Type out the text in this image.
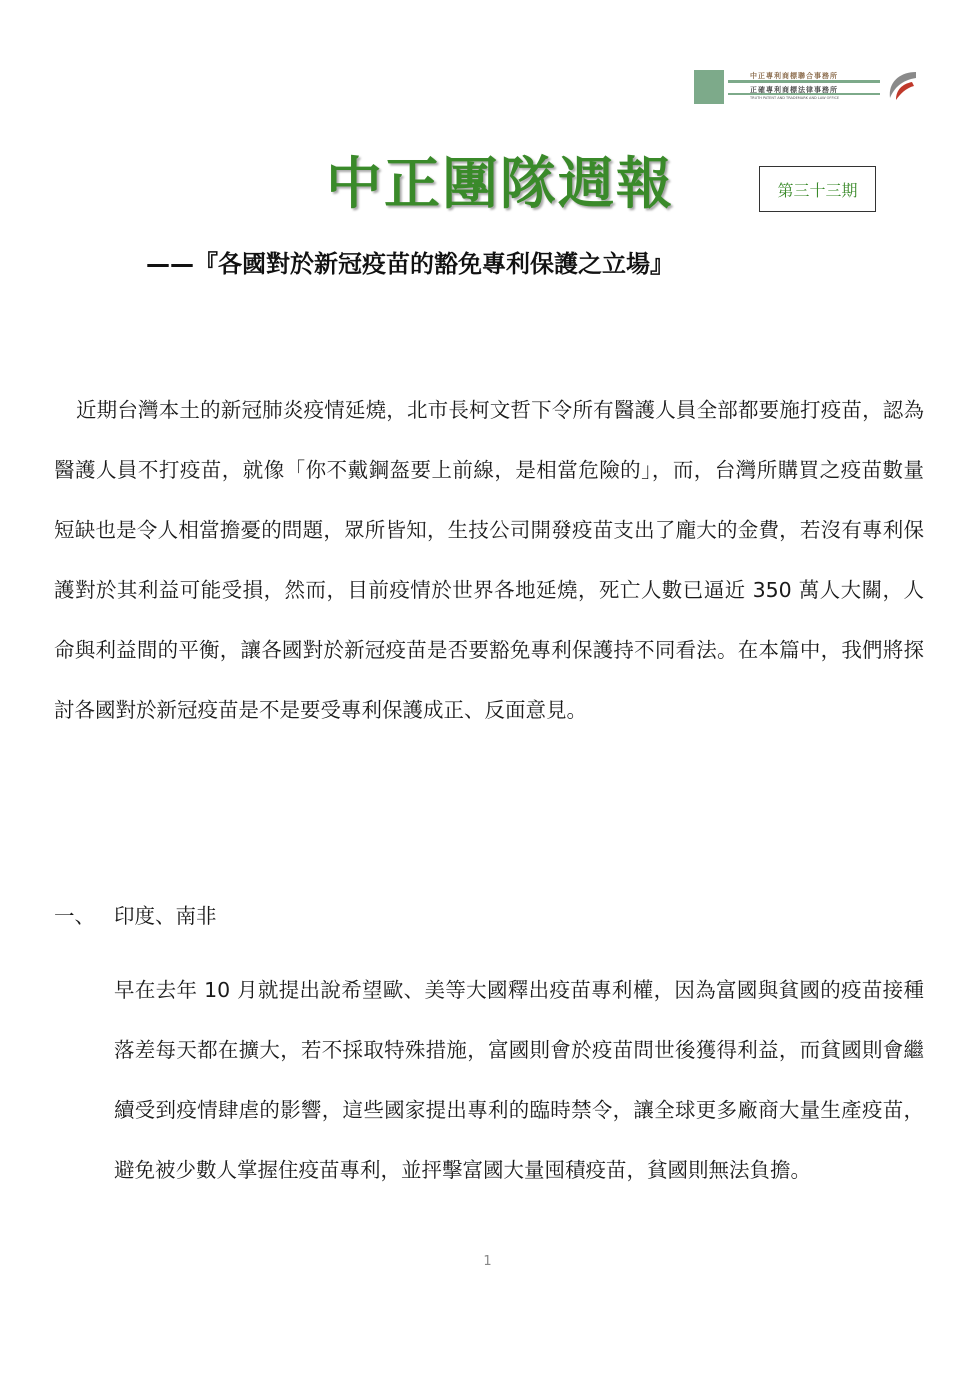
中正專利商標聯合事務所
正確專利商標法律事務所
TRUTH PATENT AND TRADEMARK AND LAW OFFICE
中正團隊週報	第三十三期
——『各國對於新冠疫苗的豁免專利保護之立場』

近期台灣本土的新冠肺炎疫情延燒，北市長柯文哲下令所有醫護人員全部都要施打疫苗，認為醫護人員不打疫苗，就像「你不戴鋼盔要上前線，是相當危險的」，而，台灣所購買之疫苗數量短缺也是令人相當擔憂的問題，眾所皆知，生技公司開發疫苗支出了龐大的金費，若沒有專利保護對於其利益可能受損，然而，目前疫情於世界各地延燒，死亡人數已逼近 350 萬人大關，人命與利益間的平衡，讓各國對於新冠疫苗是否要豁免專利保護持不同看法。在本篇中，我們將探討各國對於新冠疫苗是不是要受專利保護成正、反面意見。

一、 印度、南非

早在去年 10 月就提出說希望歐、美等大國釋出疫苗專利權，因為富國與貧國的疫苗接種落差每天都在擴大，若不採取特殊措施，富國則會於疫苗問世後獲得利益，而貧國則會繼續受到疫情肆虐的影響，這些國家提出專利的臨時禁令，讓全球更多廠商大量生產疫苗，避免被少數人掌握住疫苗專利，並抨擊富國大量囤積疫苗，貧國則無法負擔。

1
